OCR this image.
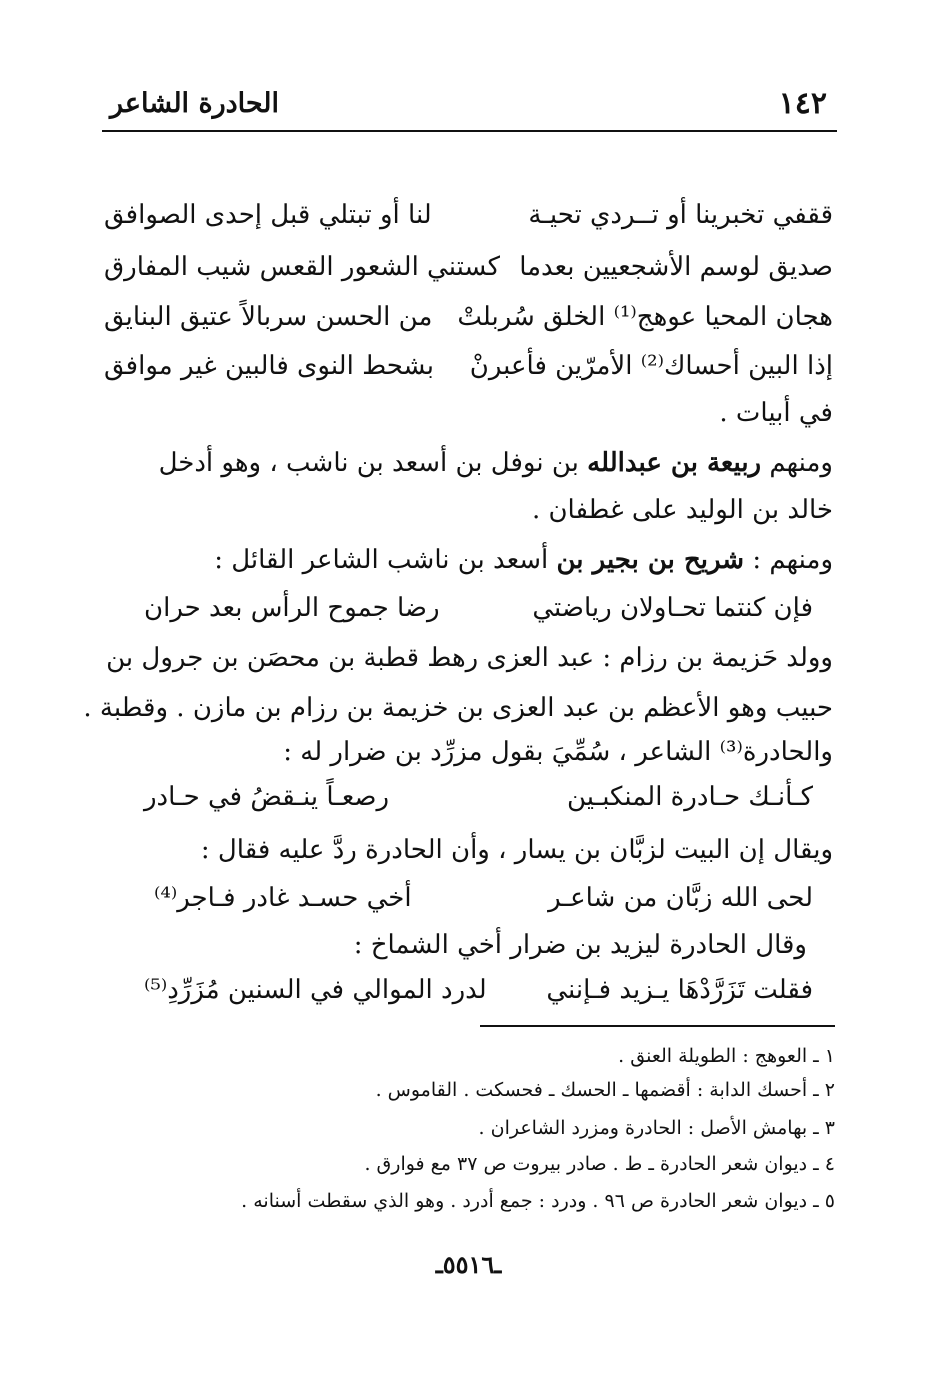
١٤٢
الحادرة الشاعر
ققفي تخبرينا أو تــردي تحيـة
لنا أو تبتلي قبل إحدى الصوافق
صديق لوسم الأشجعيين بعدما
كستني الشعور القعس شيب المفارق
هجان المحيا عوهج⁽¹⁾ الخلق سُربلتْ
من الحسن سربالاً عتيق البنايق
إذا البين أحساك⁽²⁾ الأمرّين فأعبرنْ
بشحط النوى فالبين غير موافق
في أبيات .
ومنهم ربيعة بن عبدالله بن نوفل بن أسعد بن ناشب ، وهو أدخل
خالد بن الوليد على غطفان .
ومنهم : شريح بن بجير بن أسعد بن ناشب الشاعر القائل :
فإن كنتما تحـاولان رياضتي
رضا جموح الرأس بعد حران
وولد حَزيمة بن رزام : عبد العزى رهط قطبة بن محصَن بن جرول بن
حبيب وهو الأعظم بن عبد العزى بن خزيمة بن رزام بن مازن . وقطبة .
والحادرة⁽³⁾ الشاعر ، سُمِّيَ بقول مزرِّد بن ضرار له :
كـأنـك حـادرة المنكبـين
رصعـاً ينـقضُ في حـادر
ويقال إن البيت لزبَّان بن يسار ، وأن الحادرة ردَّ عليه فقال :
لحى الله زبَّان من شاعـر
أخي حسـد غادر فـاجر⁽⁴⁾
وقال الحادرة ليزيد بن ضرار أخي الشماخ :
فقلت تَزَرَّدْهَا يـزيد فـإنني
لدرد الموالي في السنين مُزَرِّدِ⁽⁵⁾
١ ـ العوهج : الطويلة العنق .
٢ ـ أحسك الدابة : أقضمها ـ الحسك ـ فحسكت . القاموس .
٣ ـ بهامش الأصل : الحادرة ومزرد الشاعران .
٤ ـ ديوان شعر الحادرة ـ ط . صادر بيروت ص ٣٧ مع فوارق .
٥ ـ ديوان شعر الحادرة ص ٩٦ . ودرد : جمع أدرد . وهو الذي سقطت أسنانه .
ـ٥٥١٦ـ
